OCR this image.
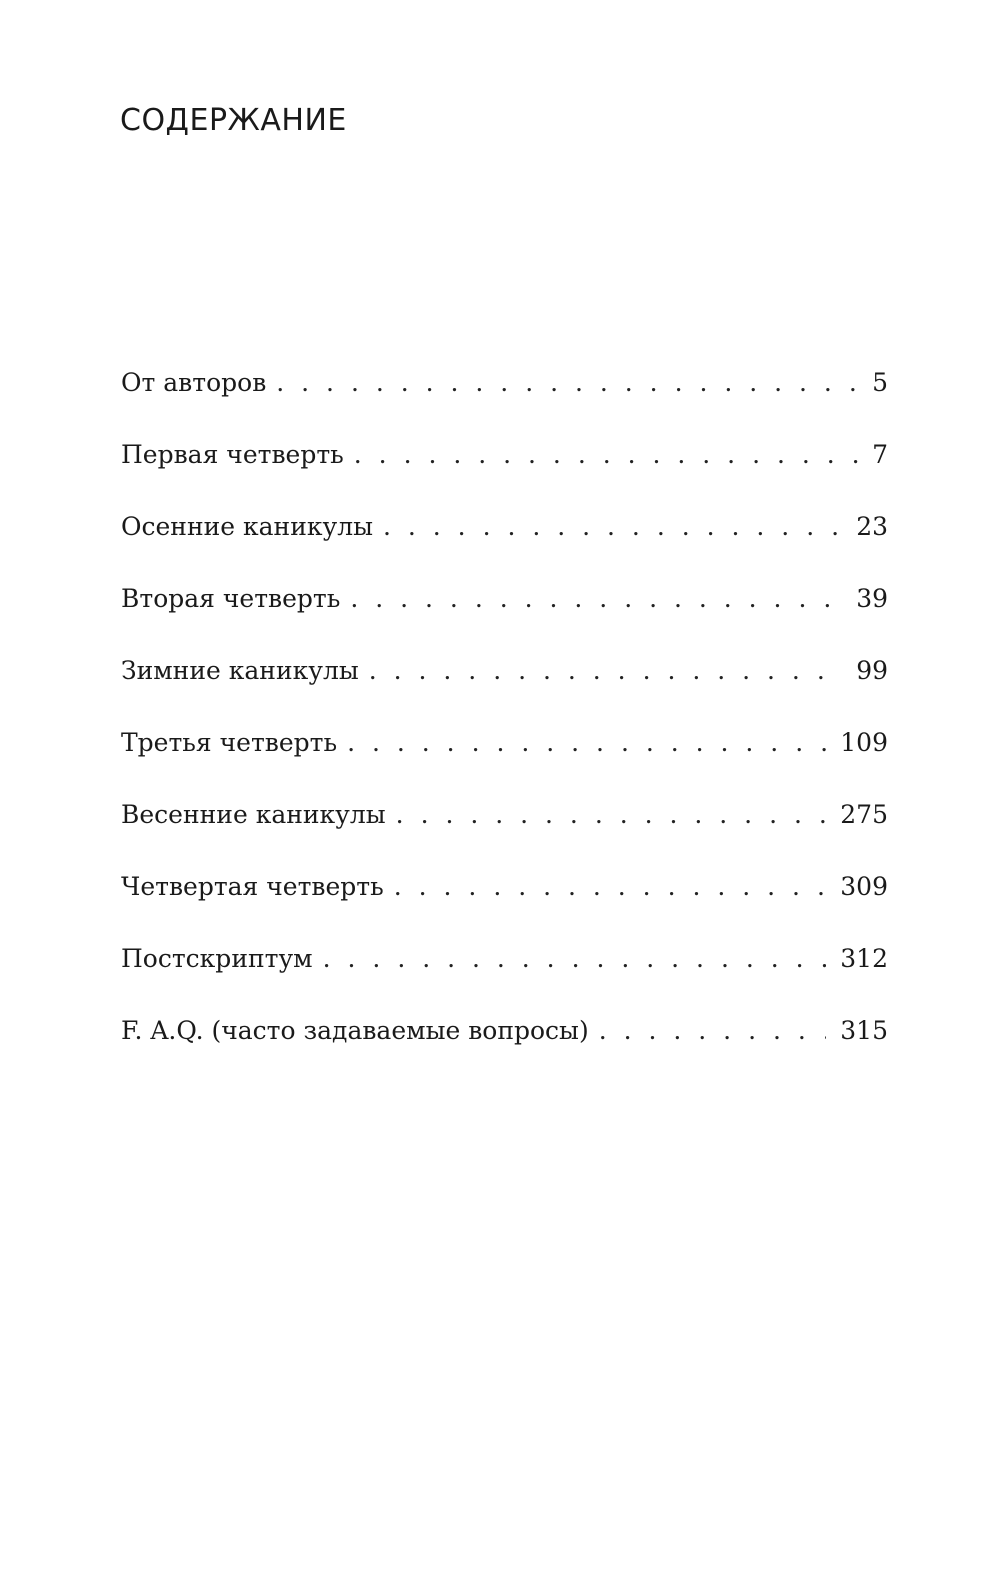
СОДЕРЖАНИЕ
От авторов . . .	5
Первая четверть . . .	7
Осенние каникулы . . .	23
Вторая четверть . . .	39
Зимние каникулы . . .	99
Третья четверть . . .	109
Весенние каникулы . . .	275
Четвертая четверть . . .	309
Постскриптум . . .	312
F. A.Q. (часто задаваемые вопросы) . . .	315
